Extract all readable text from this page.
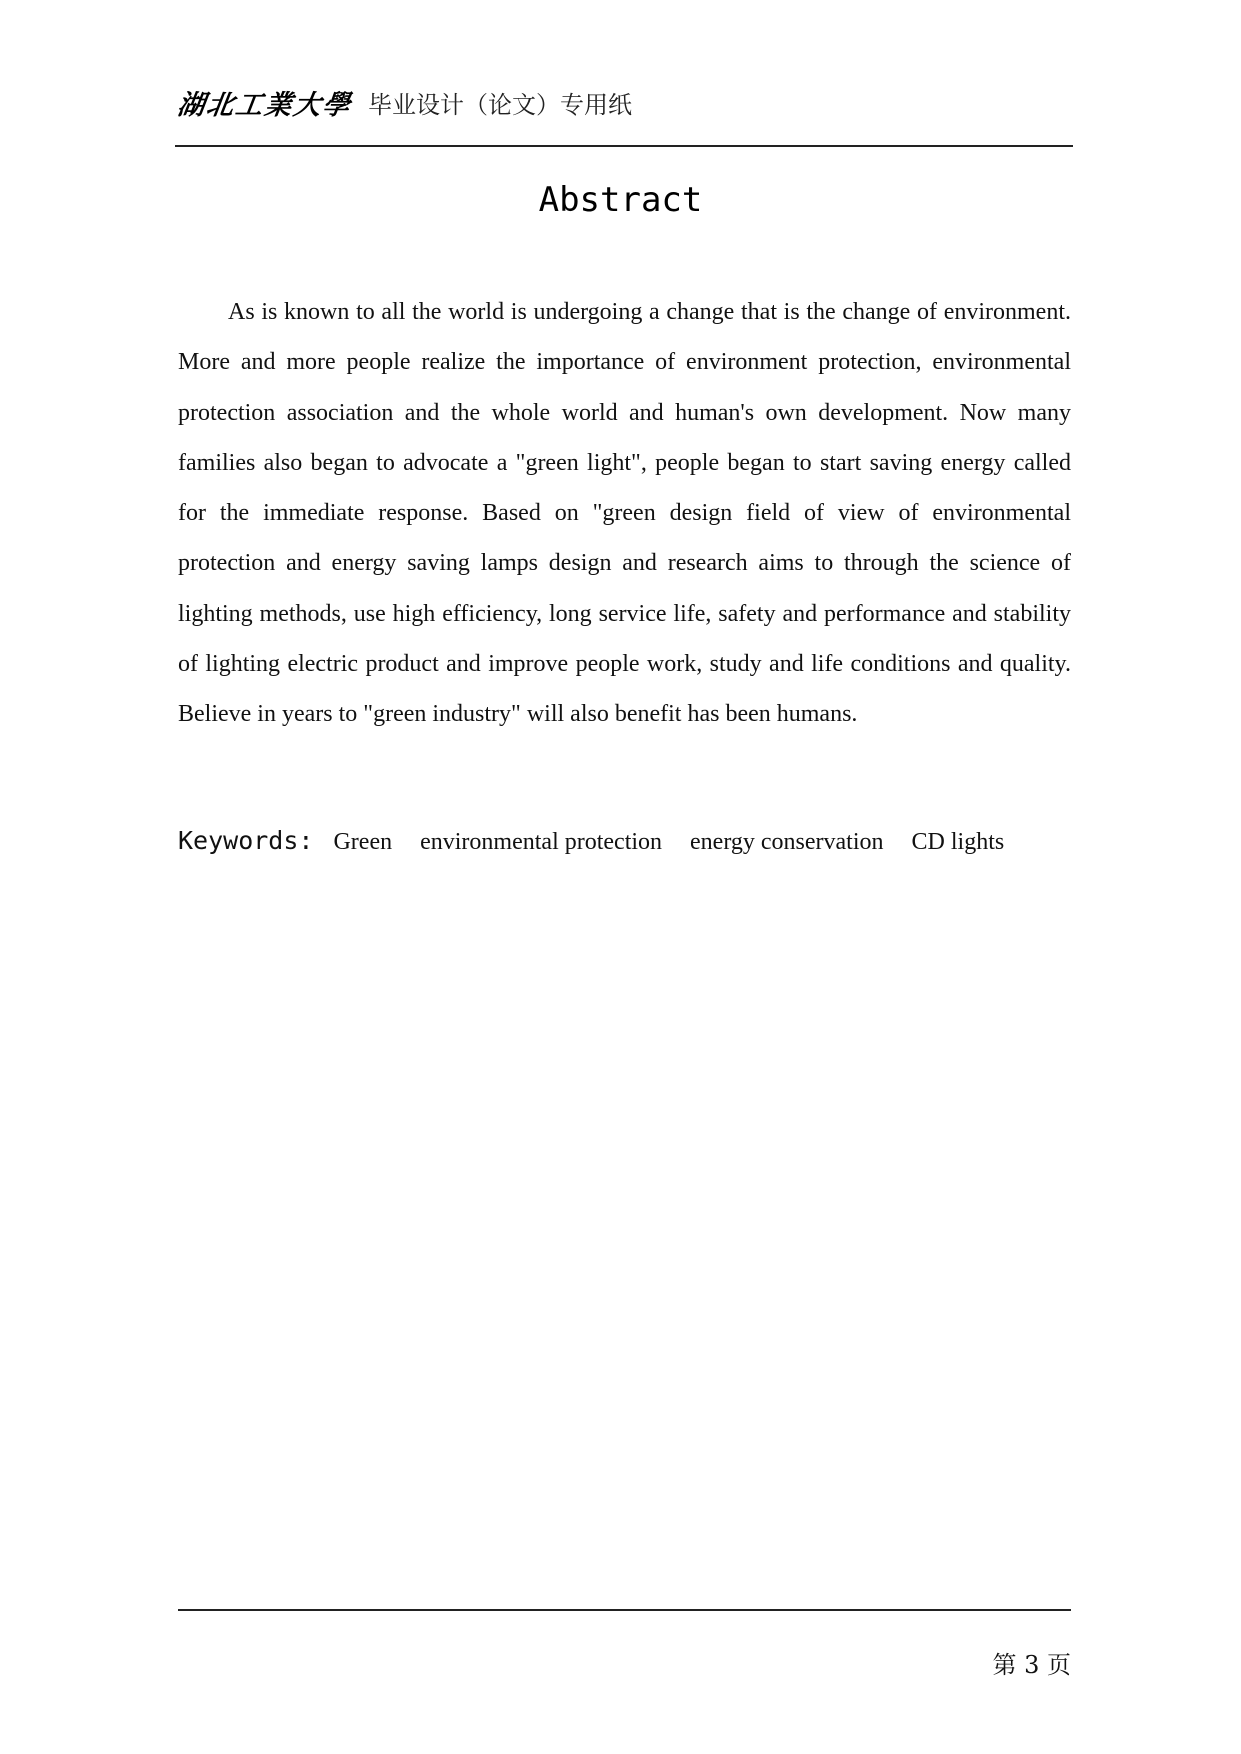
湖北工業大學 毕业设计（论文）专用纸
Abstract

As is known to all the world is undergoing a change that is the change of environment. More and more people realize the importance of environment protection, environmental protection association and the whole world and human's own development. Now many families also began to advocate a "green light", people began to start saving energy called for the immediate response. Based on "green design field of view of environmental protection and energy saving lamps design and research aims to through the science of lighting methods, use high efficiency, long service life, safety and performance and stability of lighting electric product and improve people work, study and life conditions and quality. Believe in years to "green industry" will also benefit has been humans.

Keywords: Green environmental protection energy conservation CD lights
第 3 页
